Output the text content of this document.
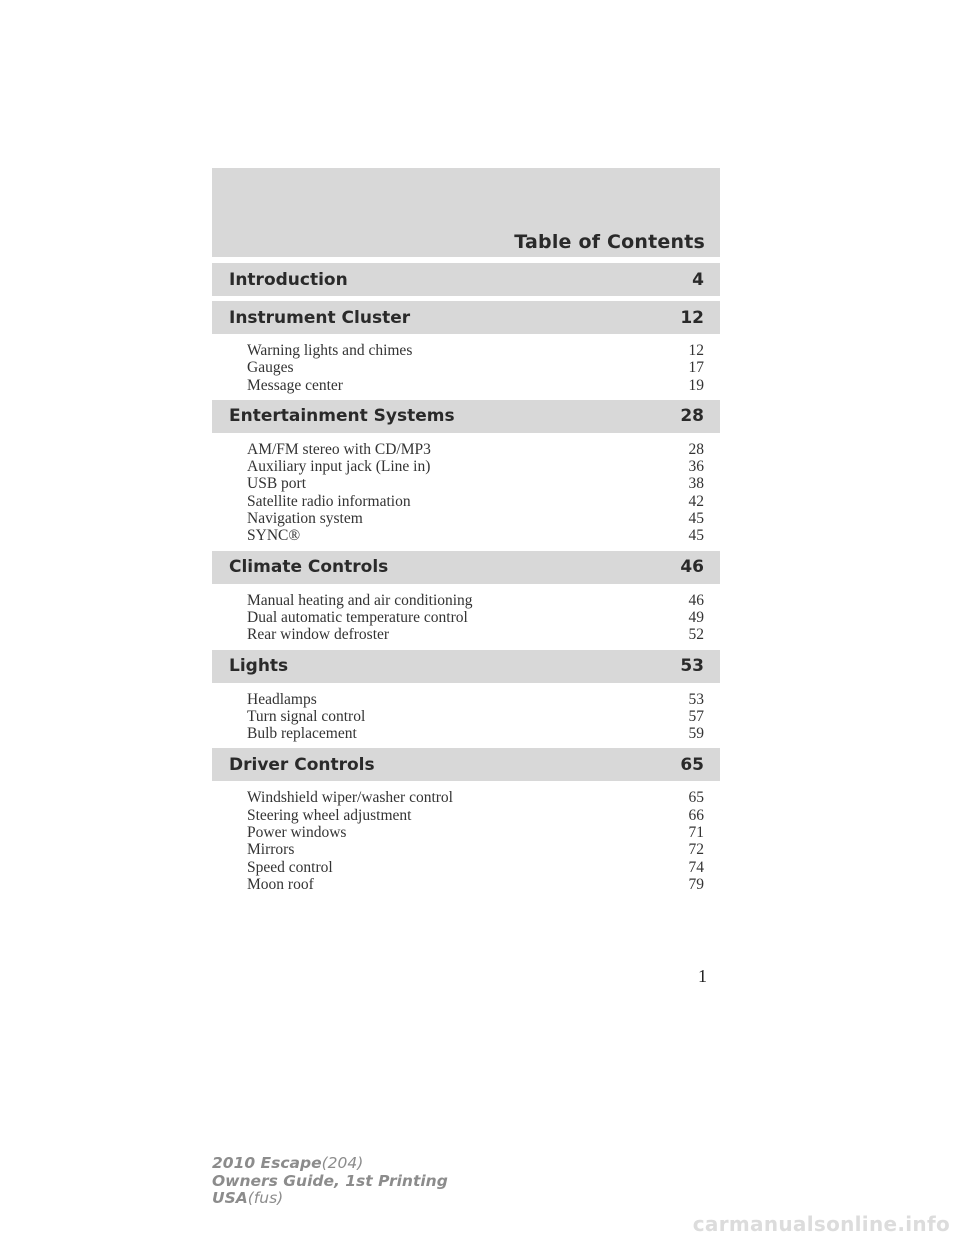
Table of Contents
Introduction	4
Instrument Cluster	12
Warning lights and chimes	12
Gauges	17
Message center	19
Entertainment Systems	28
AM/FM stereo with CD/MP3	28
Auxiliary input jack (Line in)	36
USB port	38
Satellite radio information	42
Navigation system	45
SYNC®	45
Climate Controls	46
Manual heating and air conditioning	46
Dual automatic temperature control	49
Rear window defroster	52
Lights	53
Headlamps	53
Turn signal control	57
Bulb replacement	59
Driver Controls	65
Windshield wiper/washer control	65
Steering wheel adjustment	66
Power windows	71
Mirrors	72
Speed control	74
Moon roof	79
1
2010 Escape(204)
Owners Guide, 1st Printing
USA(fus)
carmanualsonline.info
